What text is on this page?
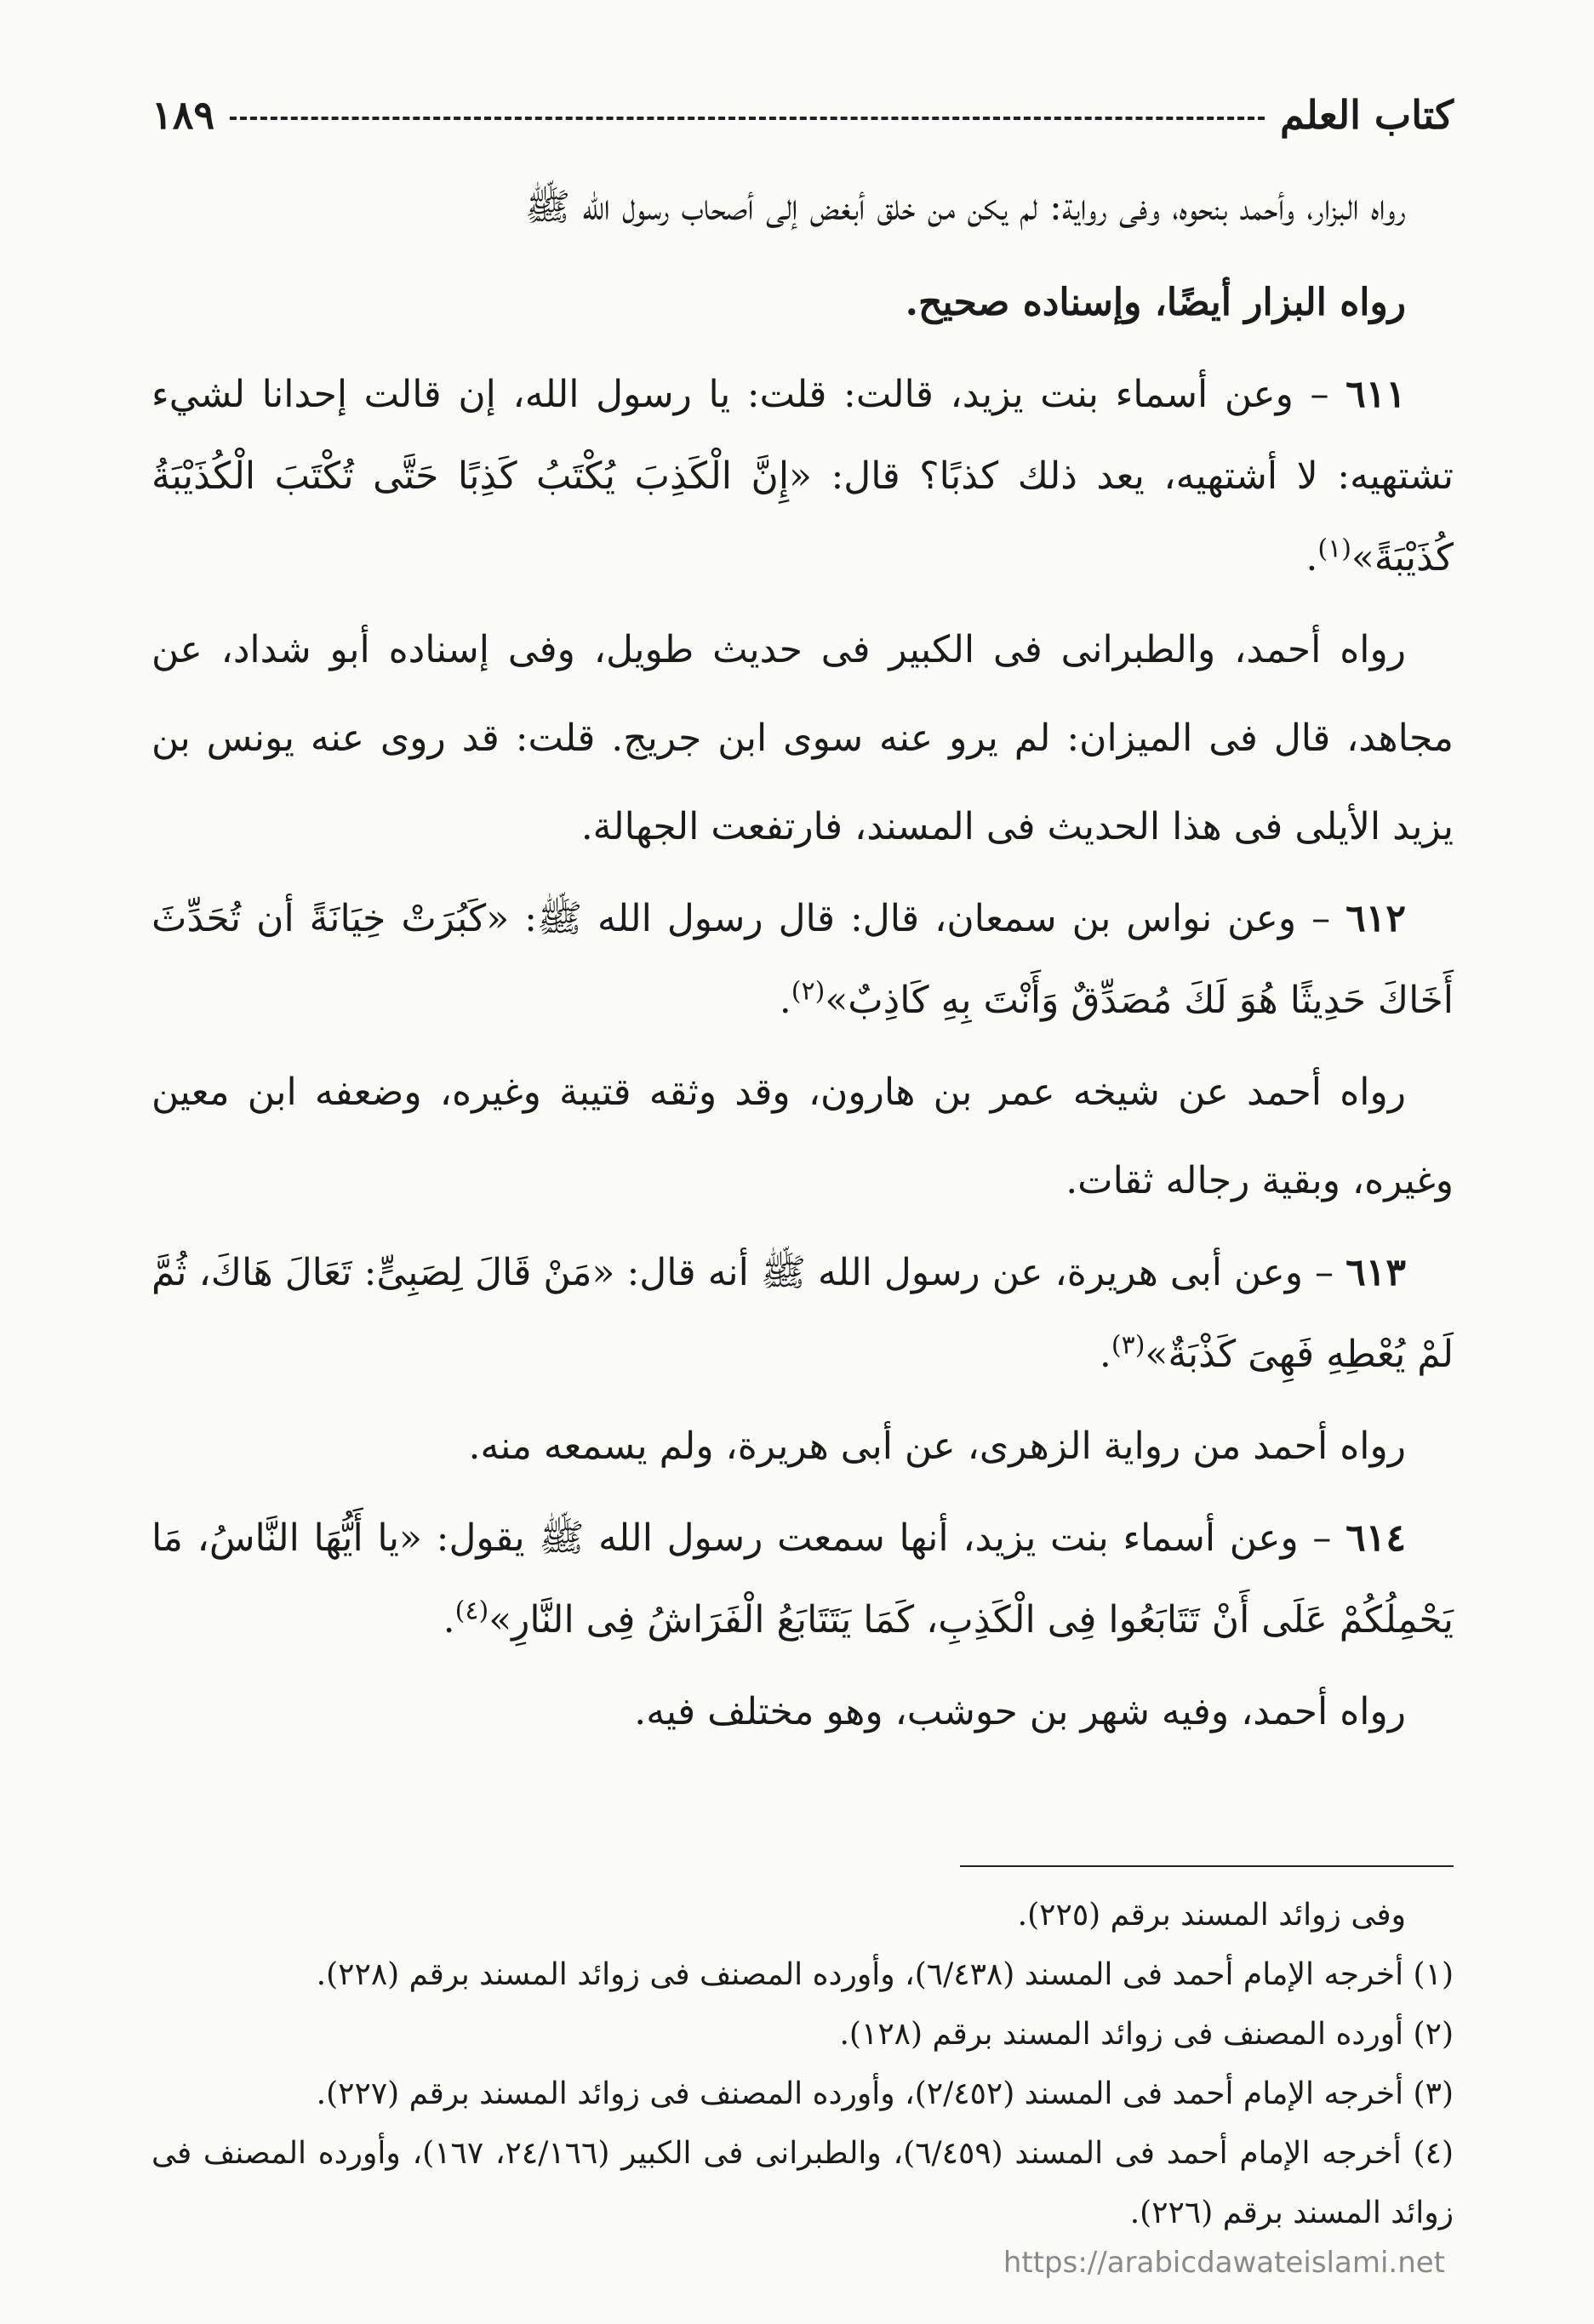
كتاب العلم
١٨٩

رواه البزار، وأحمد بنحوه، وفى رواية: لم يكن من خلق أبغض إلى أصحاب رسول الله ﷺ

رواه البزار أيضًا، وإسناده صحيح.

٦١١ – وعن أسماء بنت يزيد، قالت: قلت: يا رسول الله، إن قالت إحدانا لشيء تشتهيه: لا أشتهيه، يعد ذلك كذبًا؟ قال: «إِنَّ الْكَذِبَ يُكْتَبُ كَذِبًا حَتَّى تُكْتَبَ الْكُذَيْبَةُ كُذَيْبَةً»$^{(١)}$.

رواه أحمد، والطبرانى فى الكبير فى حديث طويل، وفى إسناده أبو شداد، عن مجاهد، قال فى الميزان: لم يرو عنه سوى ابن جريج. قلت: قد روى عنه يونس بن يزيد الأيلى فى هذا الحديث فى المسند، فارتفعت الجهالة.

٦١٢ – وعن نواس بن سمعان، قال: قال رسول الله ﷺ: «كَبُرَتْ خِيَانَةً أن تُحَدِّثَ أَخَاكَ حَدِيثًا هُوَ لَكَ مُصَدِّقٌ وَأَنْتَ بِهِ كَاذِبٌ»$^{(٢)}$.

رواه أحمد عن شيخه عمر بن هارون، وقد وثقه قتيبة وغيره، وضعفه ابن معين وغيره، وبقية رجاله ثقات.

٦١٣ – وعن أبى هريرة، عن رسول الله ﷺ أنه قال: «مَنْ قَالَ لِصَبِىٍّ: تَعَالَ هَاكَ، ثُمَّ لَمْ يُعْطِهِ فَهِىَ كَذْبَةٌ»$^{(٣)}$.

رواه أحمد من رواية الزهرى، عن أبى هريرة، ولم يسمعه منه.

٦١٤ – وعن أسماء بنت يزيد، أنها سمعت رسول الله ﷺ يقول: «يا أَيُّهَا النَّاسُ، مَا يَحْمِلُكُمْ عَلَى أَنْ تَتَابَعُوا فِى الْكَذِبِ، كَمَا يَتَتَابَعُ الْفَرَاشُ فِى النَّارِ»$^{(٤)}$.

رواه أحمد، وفيه شهر بن حوشب، وهو مختلف فيه.

وفى زوائد المسند برقم (٢٢٥).

(١) أخرجه الإمام أحمد فى المسند (٦/٤٣٨)، وأورده المصنف فى زوائد المسند برقم (٢٢٨).

(٢) أورده المصنف فى زوائد المسند برقم (١٢٨).

(٣) أخرجه الإمام أحمد فى المسند (٢/٤٥٢)، وأورده المصنف فى زوائد المسند برقم (٢٢٧).

(٤) أخرجه الإمام أحمد فى المسند (٦/٤٥٩)، والطبرانى فى الكبير (٢٤/١٦٦، ١٦٧)، وأورده المصنف فى زوائد المسند برقم (٢٢٦).

https://arabicdawateislami.net
